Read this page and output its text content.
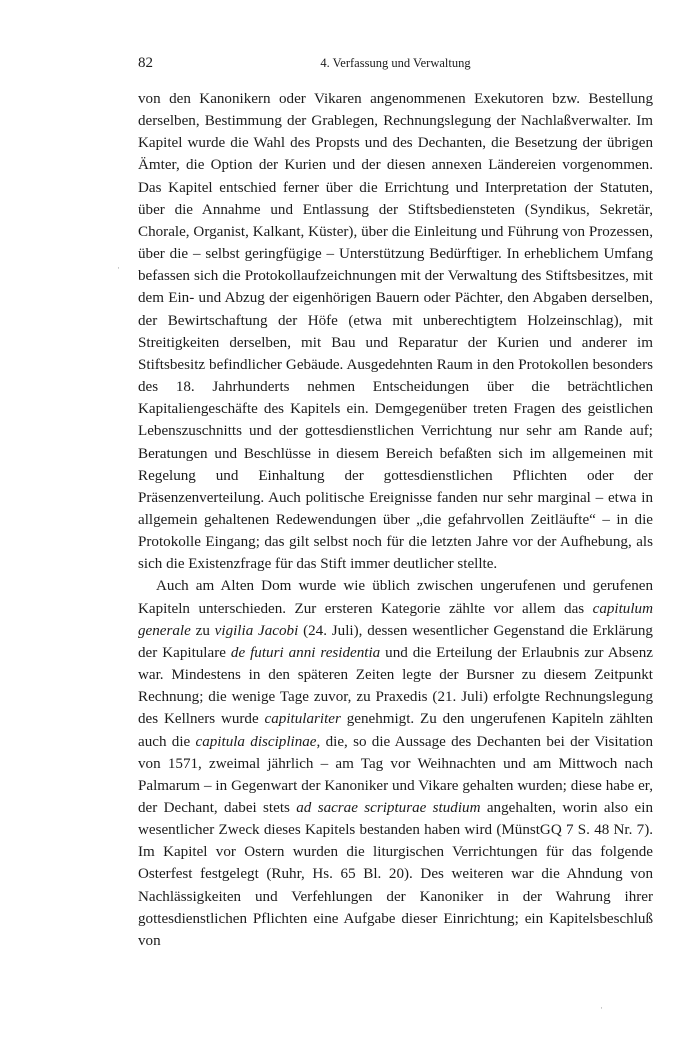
82	4. Verfassung und Verwaltung
·

von den Kanonikern oder Vikaren angenommenen Exekutoren bzw. Bestellung derselben, Bestimmung der Grablegen, Rechnungslegung der Nachlaßverwalter. Im Kapitel wurde die Wahl des Propsts und des Dechanten, die Besetzung der übrigen Ämter, die Option der Kurien und der diesen annexen Ländereien vorgenommen. Das Kapitel entschied ferner über die Errichtung und Interpretation der Statuten, über die Annahme und Entlassung der Stiftsbediensteten (Syndikus, Sekretär, Chorale, Organist, Kalkant, Küster), über die Einleitung und Führung von Prozessen, über die – selbst geringfügige – Unterstützung Bedürftiger. In erheblichem Umfang befassen sich die Protokollaufzeichnungen mit der Verwaltung des Stiftsbesitzes, mit dem Ein- und Abzug der eigenhörigen Bauern oder Pächter, den Abgaben derselben, der Bewirtschaftung der Höfe (etwa mit unberechtigtem Holzeinschlag), mit Streitigkeiten derselben, mit Bau und Reparatur der Kurien und anderer im Stiftsbesitz befindlicher Gebäude. Ausgedehnten Raum in den Protokollen besonders des 18. Jahrhunderts nehmen Entscheidungen über die beträchtlichen Kapitaliengeschäfte des Kapitels ein. Demgegenüber treten Fragen des geistlichen Lebenszuschnitts und der gottesdienstlichen Verrichtung nur sehr am Rande auf; Beratungen und Beschlüsse in diesem Bereich befaßten sich im allgemeinen mit Regelung und Einhaltung der gottesdienstlichen Pflichten oder der Präsenzenverteilung. Auch politische Ereignisse fanden nur sehr marginal – etwa in allgemein gehaltenen Redewendungen über „die gefahrvollen Zeitläufte“ – in die Protokolle Eingang; das gilt selbst noch für die letzten Jahre vor der Aufhebung, als sich die Existenzfrage für das Stift immer deutlicher stellte.

Auch am Alten Dom wurde wie üblich zwischen ungerufenen und gerufenen Kapiteln unterschieden. Zur ersteren Kategorie zählte vor allem das capitulum generale zu vigilia Jacobi (24. Juli), dessen wesentlicher Gegenstand die Erklärung der Kapitulare de futuri anni residentia und die Erteilung der Erlaubnis zur Absenz war. Mindestens in den späteren Zeiten legte der Bursner zu diesem Zeitpunkt Rechnung; die wenige Tage zuvor, zu Praxedis (21. Juli) erfolgte Rechnungslegung des Kellners wurde capitulariter genehmigt. Zu den ungerufenen Kapiteln zählten auch die capitula disciplinae, die, so die Aussage des Dechanten bei der Visitation von 1571, zweimal jährlich – am Tag vor Weihnachten und am Mittwoch nach Palmarum – in Gegenwart der Kanoniker und Vikare gehalten wurden; diese habe er, der Dechant, dabei stets ad sacrae scripturae studium angehalten, worin also ein wesentlicher Zweck dieses Kapitels bestanden haben wird (MünstGQ 7 S. 48 Nr. 7). Im Kapitel vor Ostern wurden die liturgischen Verrichtungen für das folgende Osterfest festgelegt (Ruhr, Hs. 65 Bl. 20). Des weiteren war die Ahndung von Nachlässigkeiten und Verfehlungen der Kanoniker in der Wahrung ihrer gottesdienstlichen Pflichten eine Aufgabe dieser Einrichtung; ein Kapitelsbeschluß von

·
